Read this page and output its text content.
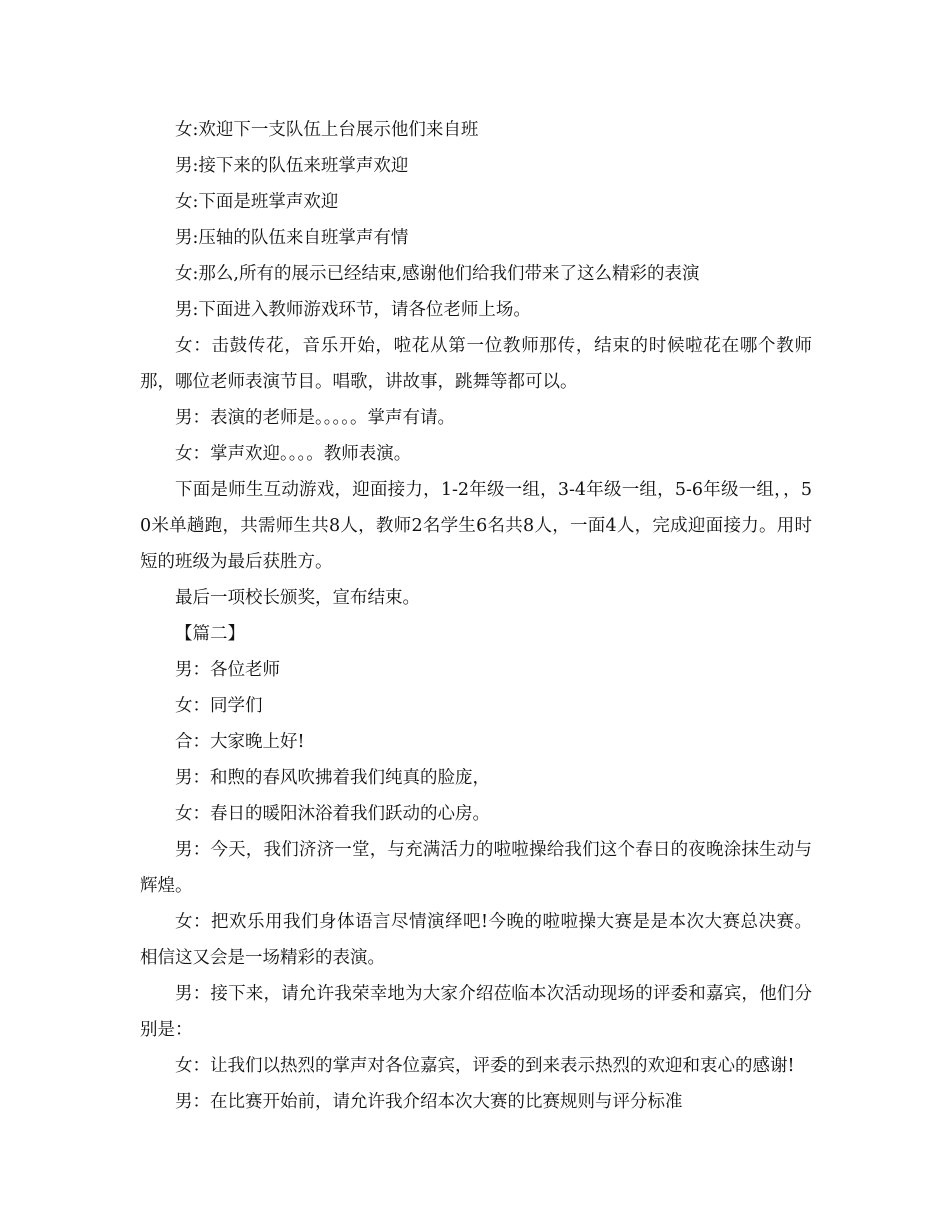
女:欢迎下一支队伍上台展示他们来自班

男:接下来的队伍来班掌声欢迎

女:下面是班掌声欢迎

男:压轴的队伍来自班掌声有情

女:那么,所有的展示已经结束,感谢他们给我们带来了这么精彩的表演

男:下面进入教师游戏环节，请各位老师上场。

女：击鼓传花，音乐开始，啦花从第一位教师那传，结束的时候啦花在哪个教师那，哪位老师表演节目。唱歌，讲故事，跳舞等都可以。

男：表演的老师是。。。。。掌声有请。

女：掌声欢迎。。。。教师表演。

下面是师生互动游戏，迎面接力，1-2年级一组，3-4年级一组，5-6年级一组，，50米单趟跑，共需师生共8人，教师2名学生6名共8人，一面4人，完成迎面接力。用时短的班级为最后获胜方。

最后一项校长颁奖，宣布结束。

【篇二】

男：各位老师

女：同学们

合：大家晚上好!

男：和煦的春风吹拂着我们纯真的脸庞，

女：春日的暖阳沐浴着我们跃动的心房。

男：今天，我们济济一堂，与充满活力的啦啦操给我们这个春日的夜晚涂抹生动与辉煌。

女：把欢乐用我们身体语言尽情演绎吧!今晚的啦啦操大赛是是本次大赛总决赛。相信这又会是一场精彩的表演。

男：接下来，请允许我荣幸地为大家介绍莅临本次活动现场的评委和嘉宾，他们分别是：

女：让我们以热烈的掌声对各位嘉宾，评委的到来表示热烈的欢迎和衷心的感谢!

男：在比赛开始前，请允许我介绍本次大赛的比赛规则与评分标准
